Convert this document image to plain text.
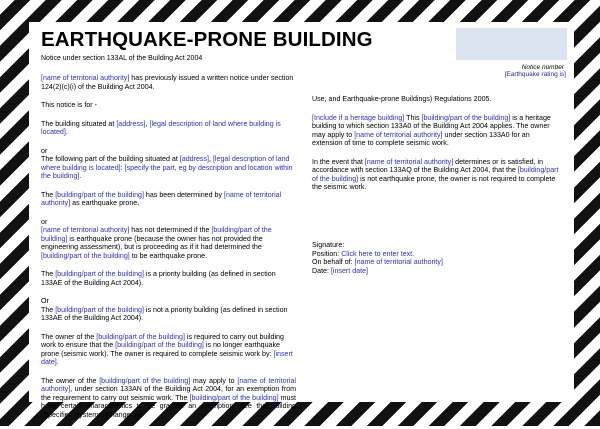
EARTHQUAKE-PRONE BUILDING
Notice under section 133AL of the Building Act 2004
Notice number
[Earthquake rating is]

[name of territorial authority] has previously issued a written notice under section 124(2)(c)(i) of the Building Act 2004.

This notice is for -

The building situated at [address], [legal description of land where building is located].

or

The following part of the building situated at [address], [legal description of land where building is located]: [specify the part, eg by description and location within the building].

The [building/part of the building] has been determined by [name of territorial authority] as earthquake prone,

or

[name of territorial authority] has not determined if the [building/part of the building] is earthquake prone (because the owner has not provided the engineering assessment), but is proceeding as if it had determined the [building/part of the building] to be earthquake prone.

The [building/part of the building] is a priority building (as defined in section 133AE of the Building Act 2004).

Or

The [building/part of the building] is not a priority building (as defined in section 133AE of the Building Act 2004).

The owner of the [building/part of the building] is required to carry out building work to ensure that the [building/part of the building] is no longer earthquake prone (seismic work). The owner is required to complete seismic work by: [insert date].

The owner of the [building/part of the building] may apply to [name of territorial authority], under section 133AN of the Building Act 2004, for an exemption from the requirement to carry out seismic work. The [building/part of the building] must have certain characteristics to be granted an exemption (see the Building (Specified Systems, Change the

Use, and Earthquake-prone Buildings) Regulations 2005.

[Include if a heritage building] This [building/part of the building] is a heritage building to which section 133A0 of the Building Act 2004 applies. The owner may apply to [name of territorial authority] under section 133A0 for an extension of time to complete seismic work.

In the event that [name of territorial authority] determines or is satisfied, in accordance with section 133AQ of the Building Act 2004, that the [building/part of the building] is not earthquake prone, the owner is not required to complete the seismic work.

Signature:
Position: Click here to enter text.
On behalf of: [name of territorial authority]
Date: [insert date]
